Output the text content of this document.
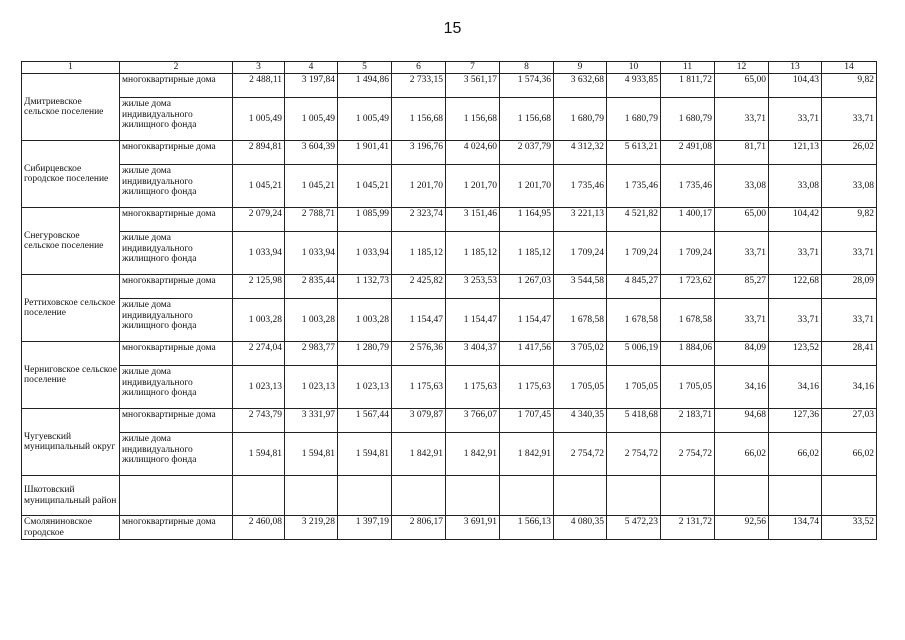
15
1	2	3	4	5	6	7	8	9	10	11	12	13	14
Дмитриевское сельское поселение	многоквартирные дома	2 488,11	3 197,84	1 494,86	2 733,15	3 561,17	1 574,36	3 632,68	4 933,85	1 811,72	65,00	104,43	9,82
	жилые дома индивидуального жилищного фонда	1 005,49	1 005,49	1 005,49	1 156,68	1 156,68	1 156,68	1 680,79	1 680,79	1 680,79	33,71	33,71	33,71
Сибирцевское городское поселение	многоквартирные дома	2 894,81	3 604,39	1 901,41	3 196,76	4 024,60	2 037,79	4 312,32	5 613,21	2 491,08	81,71	121,13	26,02
	жилые дома индивидуального жилищного фонда	1 045,21	1 045,21	1 045,21	1 201,70	1 201,70	1 201,70	1 735,46	1 735,46	1 735,46	33,08	33,08	33,08
Снегуровское сельское поселение	многоквартирные дома	2 079,24	2 788,71	1 085,99	2 323,74	3 151,46	1 164,95	3 221,13	4 521,82	1 400,17	65,00	104,42	9,82
	жилые дома индивидуального жилищного фонда	1 033,94	1 033,94	1 033,94	1 185,12	1 185,12	1 185,12	1 709,24	1 709,24	1 709,24	33,71	33,71	33,71
Реттиховское сельское поселение	многоквартирные дома	2 125,98	2 835,44	1 132,73	2 425,82	3 253,53	1 267,03	3 544,58	4 845,27	1 723,62	85,27	122,68	28,09
	жилые дома индивидуального жилищного фонда	1 003,28	1 003,28	1 003,28	1 154,47	1 154,47	1 154,47	1 678,58	1 678,58	1 678,58	33,71	33,71	33,71
Черниговское сельское поселение	многоквартирные дома	2 274,04	2 983,77	1 280,79	2 576,36	3 404,37	1 417,56	3 705,02	5 006,19	1 884,06	84,09	123,52	28,41
	жилые дома индивидуального жилищного фонда	1 023,13	1 023,13	1 023,13	1 175,63	1 175,63	1 175,63	1 705,05	1 705,05	1 705,05	34,16	34,16	34,16
Чугуевский муниципальный округ	многоквартирные дома	2 743,79	3 331,97	1 567,44	3 079,87	3 766,07	1 707,45	4 340,35	5 418,68	2 183,71	94,68	127,36	27,03
	жилые дома индивидуального жилищного фонда	1 594,81	1 594,81	1 594,81	1 842,91	1 842,91	1 842,91	2 754,72	2 754,72	2 754,72	66,02	66,02	66,02
Шкотовский муниципальный район													
Смоляниновское городское	многоквартирные дома	2 460,08	3 219,28	1 397,19	2 806,17	3 691,91	1 566,13	4 080,35	5 472,23	2 131,72	92,56	134,74	33,52
